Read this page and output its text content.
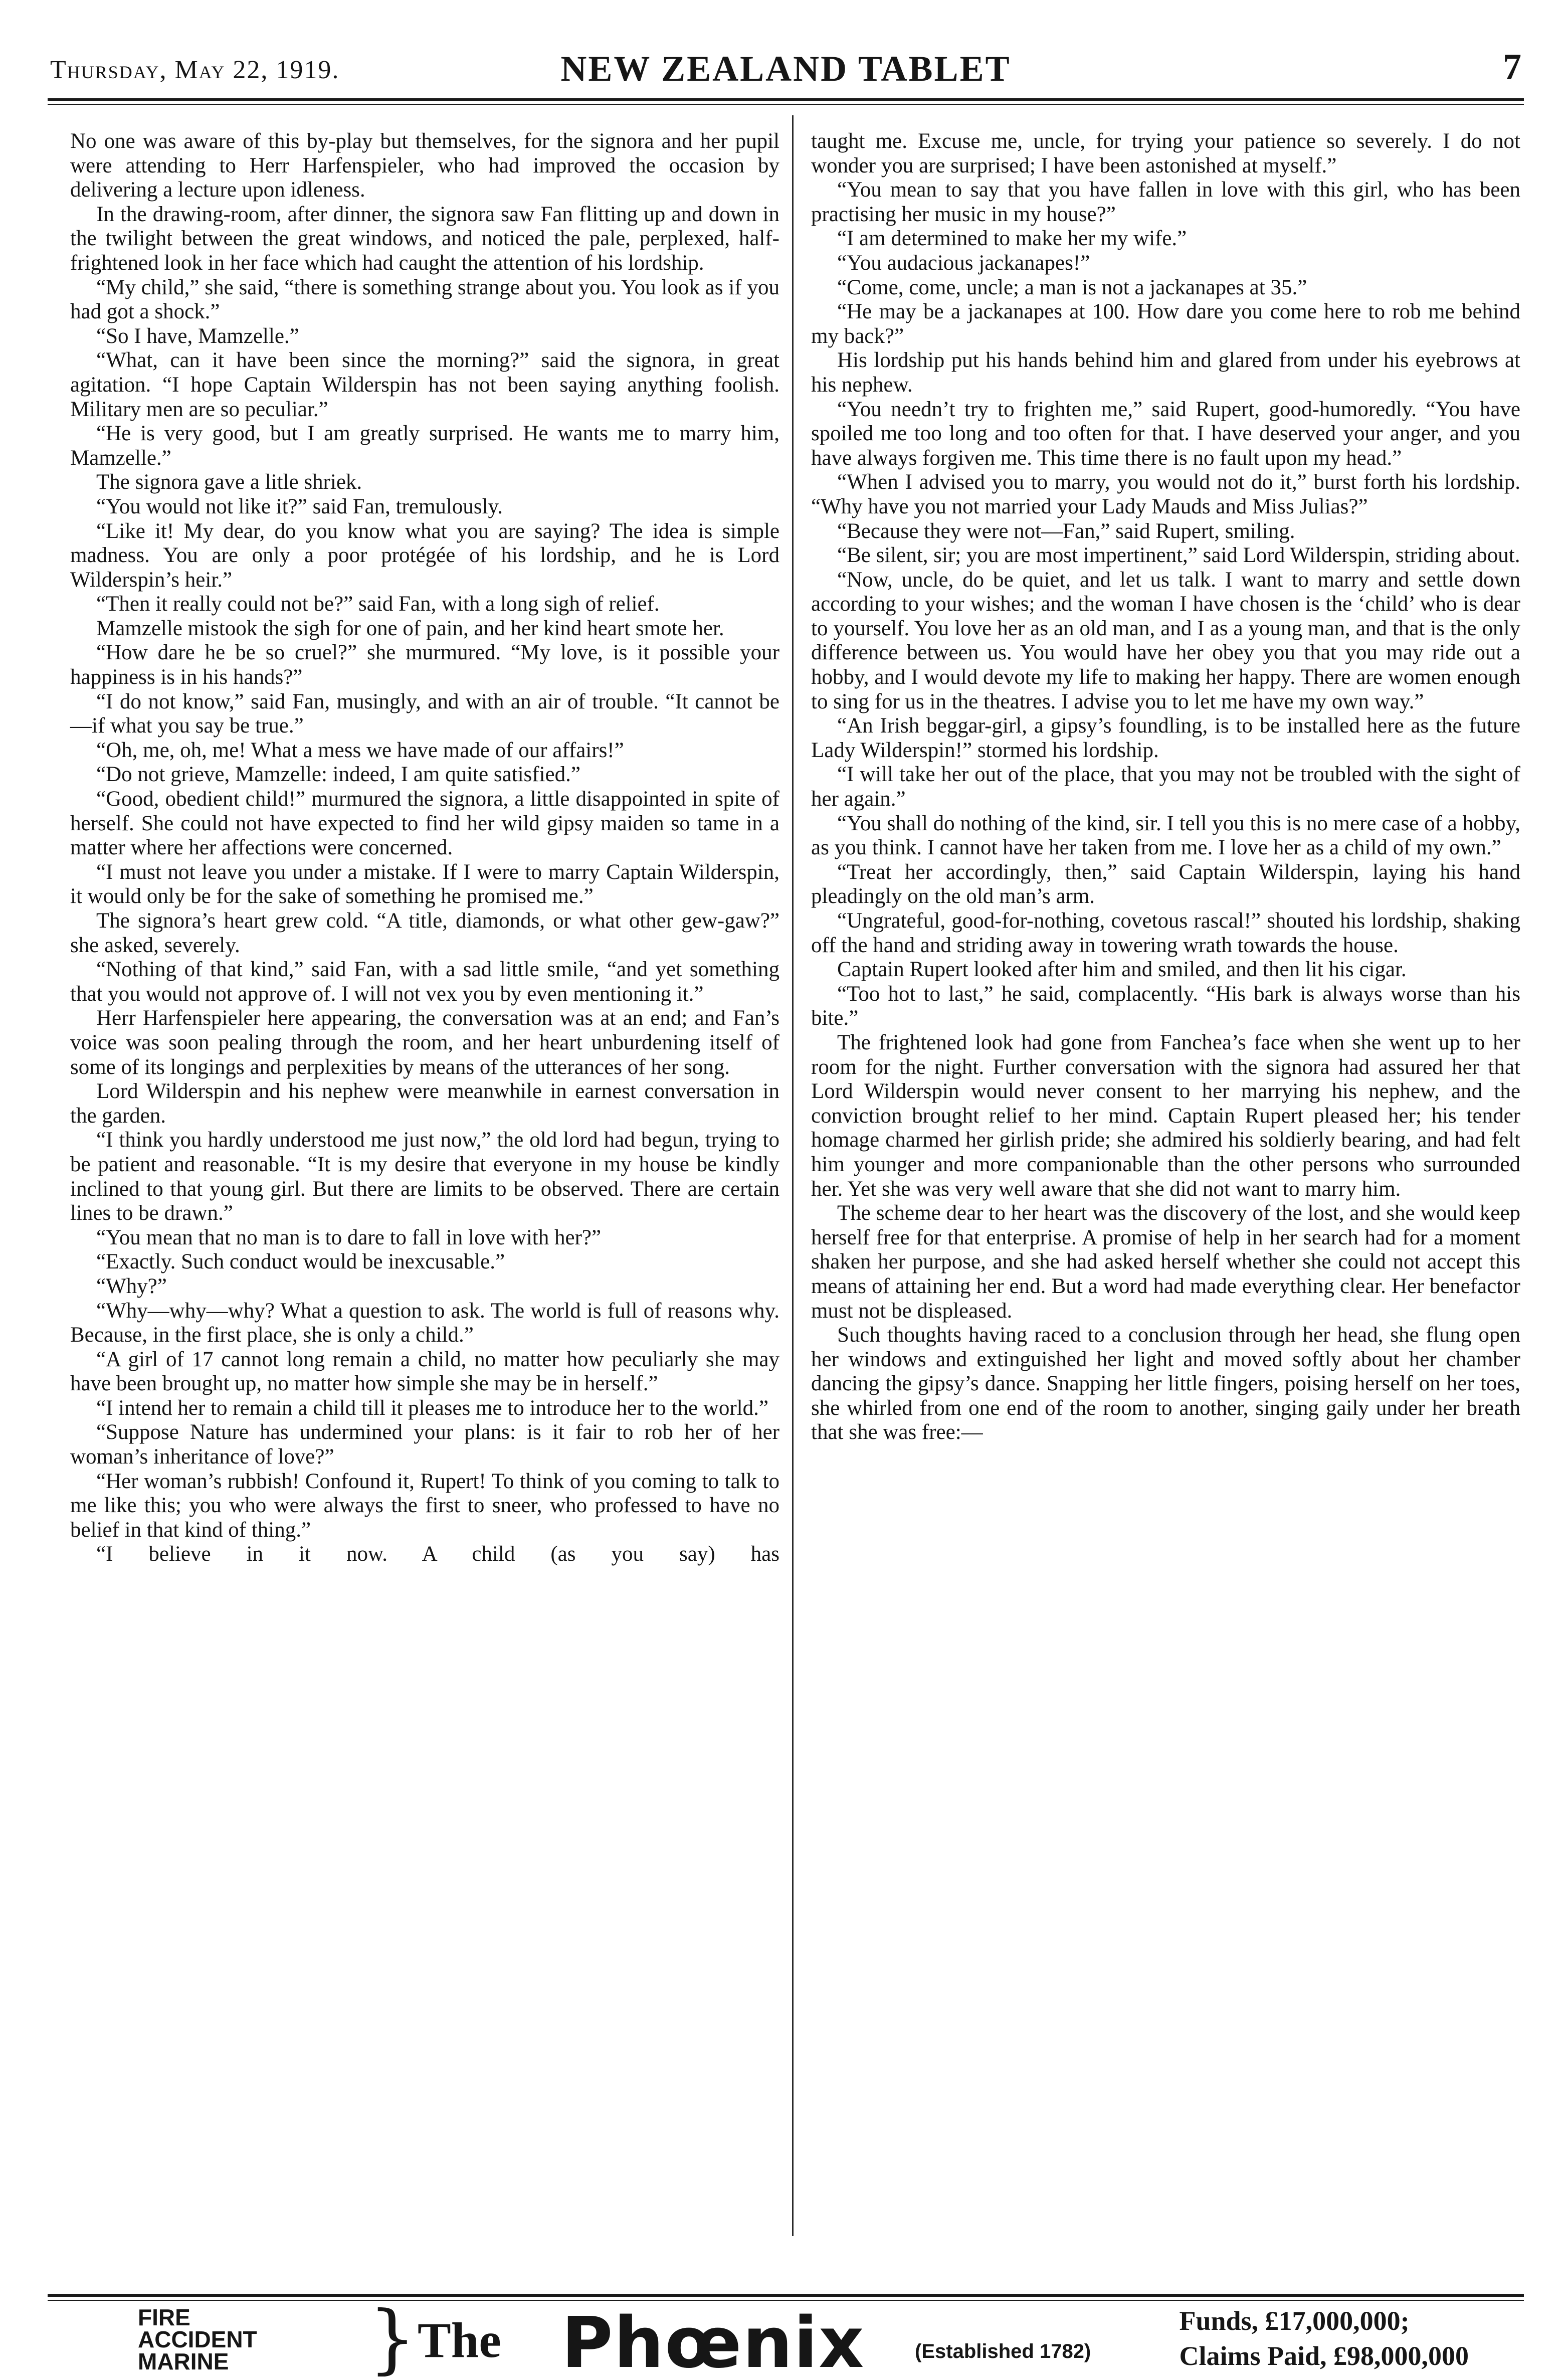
Thursday, May 22, 1919.	NEW ZEALAND TABLET	7

No one was aware of this by-play but themselves, for the signora and her pupil were attending to Herr Harfenspieler, who had improved the occasion by delivering a lecture upon idleness.

In the drawing-room, after dinner, the signora saw Fan flitting up and down in the twilight between the great windows, and noticed the pale, perplexed, half-frightened look in her face which had caught the attention of his lordship.

“My child,” she said, “there is something strange about you. You look as if you had got a shock.”

“So I have, Mamzelle.”

“What, can it have been since the morning?” said the signora, in great agitation. “I hope Captain Wilderspin has not been saying anything foolish. Military men are so peculiar.”

“He is very good, but I am greatly surprised. He wants me to marry him, Mamzelle.”

The signora gave a litle shriek.

“You would not like it?” said Fan, tremulously.

“Like it! My dear, do you know what you are saying? The idea is simple madness. You are only a poor protégée of his lordship, and he is Lord Wilderspin’s heir.”

“Then it really could not be?” said Fan, with a long sigh of relief.

Mamzelle mistook the sigh for one of pain, and her kind heart smote her.

“How dare he be so cruel?” she murmured. “My love, is it possible your happiness is in his hands?”

“I do not know,” said Fan, musingly, and with an air of trouble. “It cannot be—if what you say be true.”

“Oh, me, oh, me! What a mess we have made of our affairs!”

“Do not grieve, Mamzelle: indeed, I am quite satisfied.”

“Good, obedient child!” murmured the signora, a little disappointed in spite of herself. She could not have expected to find her wild gipsy maiden so tame in a matter where her affections were concerned.

“I must not leave you under a mistake. If I were to marry Captain Wilderspin, it would only be for the sake of something he promised me.”

The signora’s heart grew cold. “A title, diamonds, or what other gew-gaw?” she asked, severely.

“Nothing of that kind,” said Fan, with a sad little smile, “and yet something that you would not approve of. I will not vex you by even mentioning it.”

Herr Harfenspieler here appearing, the conversation was at an end; and Fan’s voice was soon pealing through the room, and her heart unburdening itself of some of its longings and perplexities by means of the utterances of her song.

Lord Wilderspin and his nephew were meanwhile in earnest conversation in the garden.

“I think you hardly understood me just now,” the old lord had begun, trying to be patient and reasonable. “It is my desire that everyone in my house be kindly inclined to that young girl. But there are limits to be observed. There are certain lines to be drawn.”

“You mean that no man is to dare to fall in love with her?”

“Exactly. Such conduct would be inexcusable.”

“Why?”

“Why—why—why? What a question to ask. The world is full of reasons why. Because, in the first place, she is only a child.”

“A girl of 17 cannot long remain a child, no matter how peculiarly she may have been brought up, no matter how simple she may be in herself.”

“I intend her to remain a child till it pleases me to introduce her to the world.”

“Suppose Nature has undermined your plans: is it fair to rob her of her woman’s inheritance of love?”

“Her woman’s rubbish! Confound it, Rupert! To think of you coming to talk to me like this; you who were always the first to sneer, who professed to have no belief in that kind of thing.”

“I believe in it now. A child (as you say) has

taught me. Excuse me, uncle, for trying your patience so severely. I do not wonder you are surprised; I have been astonished at myself.”

“You mean to say that you have fallen in love with this girl, who has been practising her music in my house?”

“I am determined to make her my wife.”

“You audacious jackanapes!”

“Come, come, uncle; a man is not a jackanapes at 35.”

“He may be a jackanapes at 100. How dare you come here to rob me behind my back?”

His lordship put his hands behind him and glared from under his eyebrows at his nephew.

“You needn’t try to frighten me,” said Rupert, good-humoredly. “You have spoiled me too long and too often for that. I have deserved your anger, and you have always forgiven me. This time there is no fault upon my head.”

“When I advised you to marry, you would not do it,” burst forth his lordship. “Why have you not married your Lady Mauds and Miss Julias?”

“Because they were not—Fan,” said Rupert, smiling.

“Be silent, sir; you are most impertinent,” said Lord Wilderspin, striding about.

“Now, uncle, do be quiet, and let us talk. I want to marry and settle down according to your wishes; and the woman I have chosen is the ‘child’ who is dear to yourself. You love her as an old man, and I as a young man, and that is the only difference between us. You would have her obey you that you may ride out a hobby, and I would devote my life to making her happy. There are women enough to sing for us in the theatres. I advise you to let me have my own way.”

“An Irish beggar-girl, a gipsy’s foundling, is to be installed here as the future Lady Wilderspin!” stormed his lordship.

“I will take her out of the place, that you may not be troubled with the sight of her again.”

“You shall do nothing of the kind, sir. I tell you this is no mere case of a hobby, as you think. I cannot have her taken from me. I love her as a child of my own.”

“Treat her accordingly, then,” said Captain Wilderspin, laying his hand pleadingly on the old man’s arm.

“Ungrateful, good-for-nothing, covetous rascal!” shouted his lordship, shaking off the hand and striding away in towering wrath towards the house.

Captain Rupert looked after him and smiled, and then lit his cigar.

“Too hot to last,” he said, complacently. “His bark is always worse than his bite.”

The frightened look had gone from Fanchea’s face when she went up to her room for the night. Further conversation with the signora had assured her that Lord Wilderspin would never consent to her marrying his nephew, and the conviction brought relief to her mind. Captain Rupert pleased her; his tender homage charmed her girlish pride; she admired his soldierly bearing, and had felt him younger and more companionable than the other persons who surrounded her. Yet she was very well aware that she did not want to marry him.

The scheme dear to her heart was the discovery of the lost, and she would keep herself free for that enterprise. A promise of help in her search had for a moment shaken her purpose, and she had asked herself whether she could not accept this means of attaining her end. But a word had made everything clear. Her benefactor must not be displeased.

Such thoughts having raced to a conclusion through her head, she flung open her windows and extinguished her light and moved softly about her chamber dancing the gipsy’s dance. Snapping her little fingers, poising herself on her toes, she whirled from one end of the room to another, singing gaily under her breath that she was free:—

FIRE
ACCIDENT
MARINE	} The Phœnix (Established 1782)
Funds, £17,000,000;
Claims Paid, £98,000,000
